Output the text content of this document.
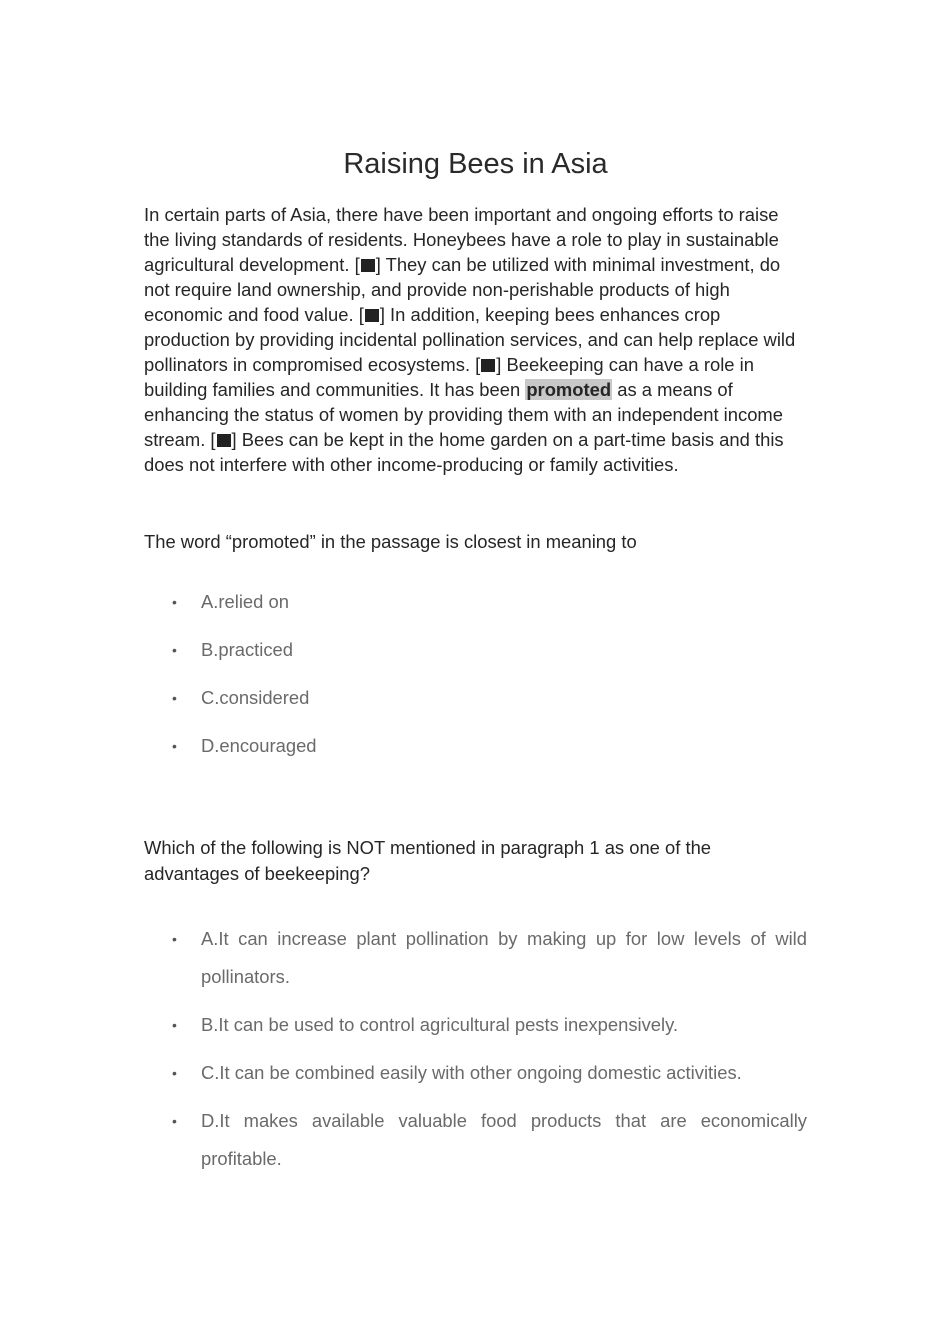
Raising Bees in Asia

In certain parts of Asia, there have been important and ongoing efforts to raise the living standards of residents. Honeybees have a role to play in sustainable agricultural development. [ ] They can be utilized with minimal investment, do not require land ownership, and provide non-perishable products of high economic and food value. [ ] In addition, keeping bees enhances crop production by providing incidental pollination services, and can help replace wild pollinators in compromised ecosystems. [ ] Beekeeping can have a role in building families and communities. It has been promoted as a means of enhancing the status of women by providing them with an independent income stream. [ ] Bees can be kept in the home garden on a part-time basis and this does not interfere with other income-producing or family activities.

The word “promoted” in the passage is closest in meaning to

• A.relied on
• B.practiced
• C.considered
• D.encouraged

Which of the following is NOT mentioned in paragraph 1 as one of the advantages of beekeeping?

• A.It can increase plant pollination by making up for low levels of wild pollinators.
• B.It can be used to control agricultural pests inexpensively.
• C.It can be combined easily with other ongoing domestic activities.
• D.It makes available valuable food products that are economically profitable.
